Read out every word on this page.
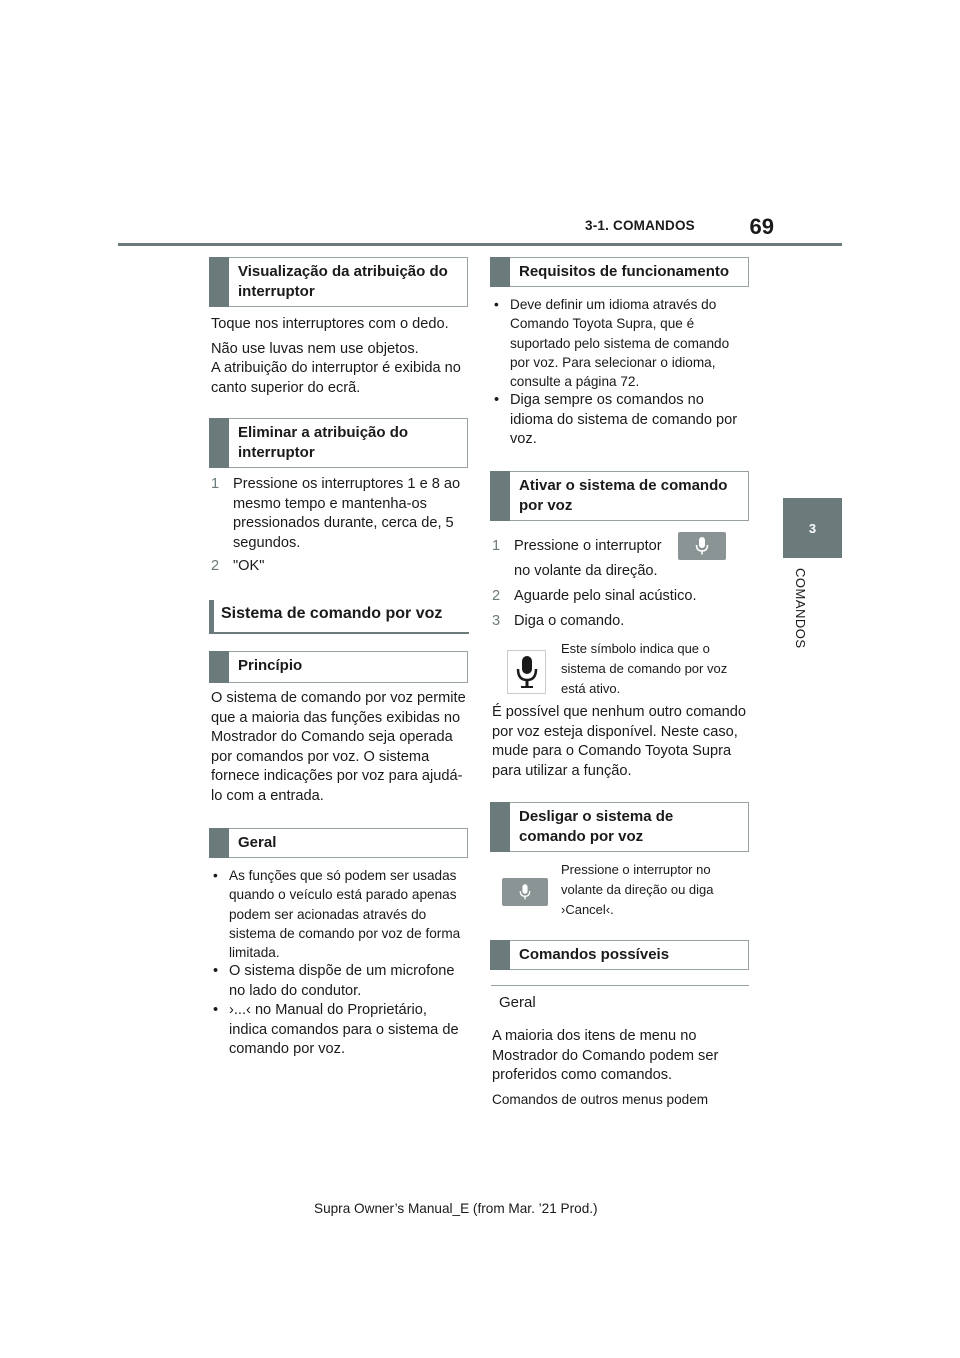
3-1. COMANDOS	69
3
COMANDOS
Visualização da atribuição do interruptor

Toque nos interruptores com o dedo.

Não use luvas nem use objetos.

A atribuição do interruptor é exibida no canto superior do ecrã.

Eliminar a atribuição do interruptor
1 Pressione os interruptores 1 e 8 ao mesmo tempo e mantenha-os pressionados durante, cerca de, 5 segundos.
2 "OK"
Sistema de comando por voz
Princípio
O sistema de comando por voz permite que a maioria das funções exibidas no Mostrador do Comando seja operada por comandos por voz. O sistema fornece indicações por voz para ajudá-lo com a entrada.
Geral
• As funções que só podem ser usadas quando o veículo está parado apenas podem ser acionadas através do sistema de comando por voz de forma limitada.
• O sistema dispõe de um microfone no lado do condutor.
• ›...‹ no Manual do Proprietário, indica comandos para o sistema de comando por voz.
Requisitos de funcionamento
• Deve definir um idioma através do Comando Toyota Supra, que é suportado pelo sistema de comando por voz. Para selecionar o idioma, consulte a página 72.
• Diga sempre os comandos no idioma do sistema de comando por voz.
Ativar o sistema de comando por voz
1 Pressione o interruptor
no volante da direção.
2 Aguarde pelo sinal acústico.
3 Diga o comando.
Este símbolo indica que o sistema de comando por voz está ativo.
É possível que nenhum outro comando por voz esteja disponível. Neste caso, mude para o Comando Toyota Supra para utilizar a função.
Desligar o sistema de comando por voz
Pressione o interruptor no volante da direção ou diga ›Cancel‹.
Comandos possíveis
Geral
A maioria dos itens de menu no Mostrador do Comando podem ser proferidos como comandos.
Comandos de outros menus podem
Supra Owner’s Manual_E (from Mar. ’21 Prod.)
